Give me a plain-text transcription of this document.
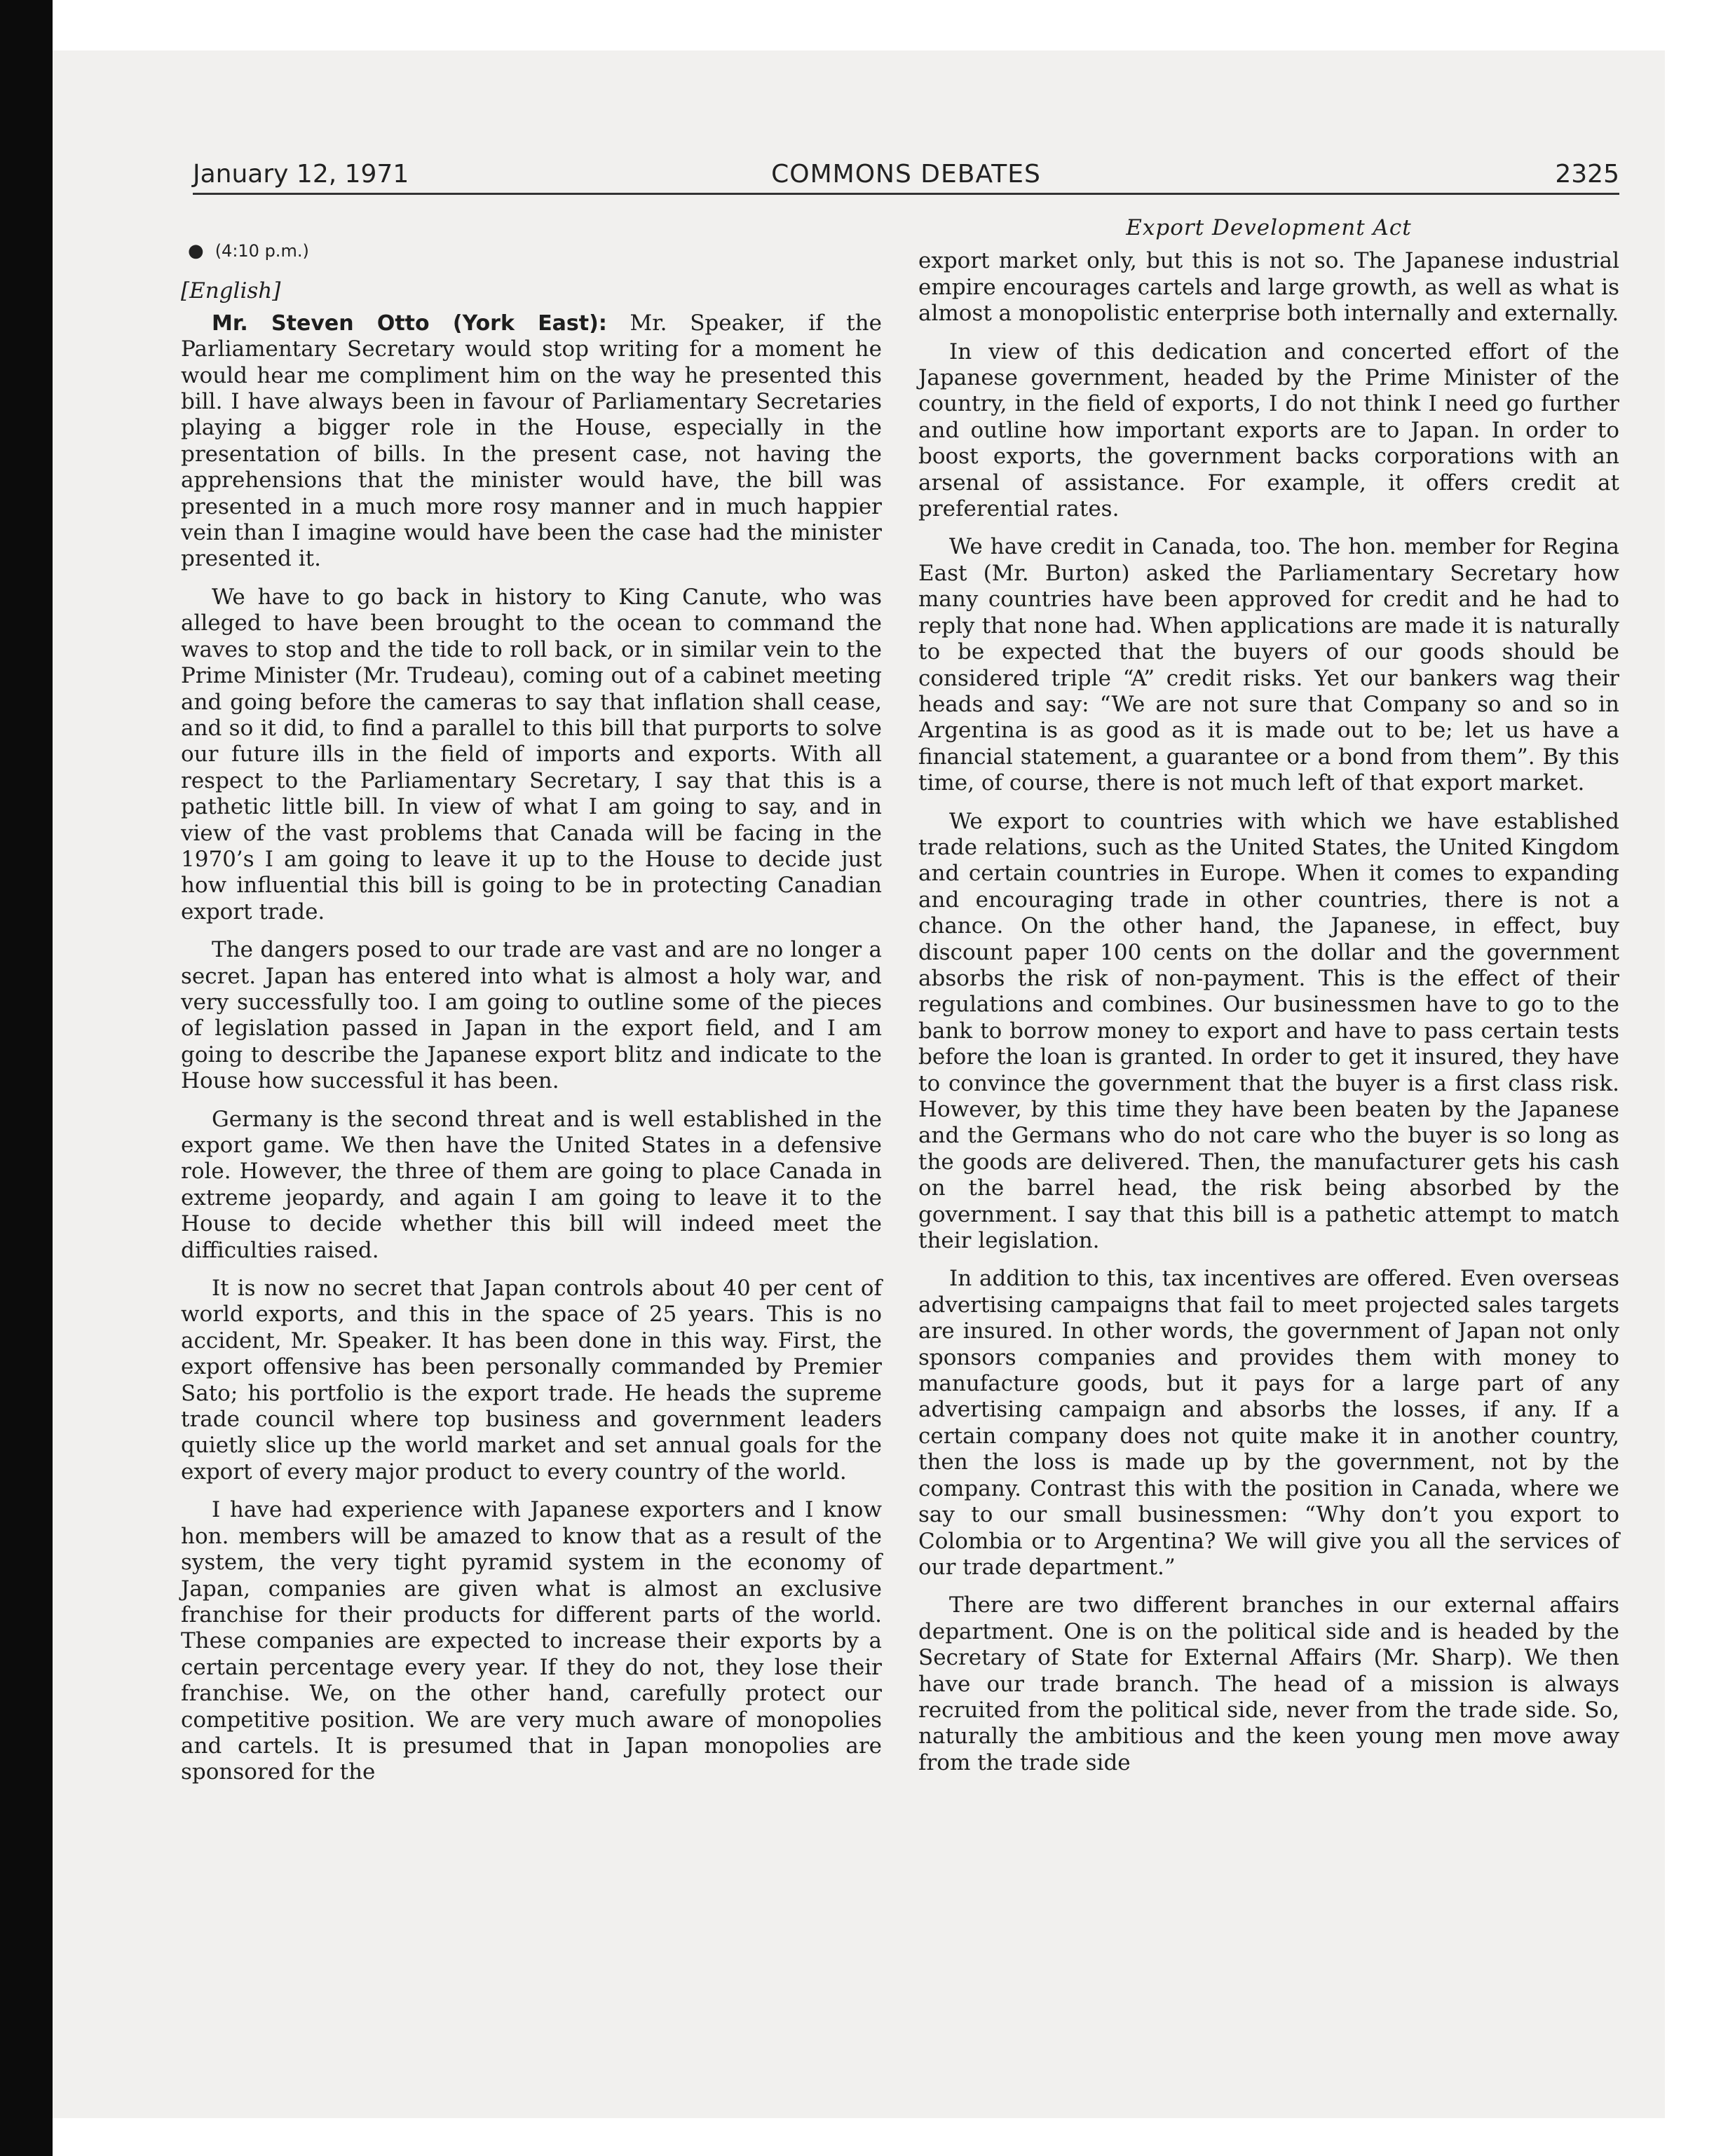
January 12, 1971	COMMONS DEBATES	2325
● (4:10 p.m.)
[English]

Mr. Steven Otto (York East): Mr. Speaker, if the Parliamentary Secretary would stop writing for a moment he would hear me compliment him on the way he presented this bill. I have always been in favour of Parliamentary Secretaries playing a bigger role in the House, especially in the presentation of bills. In the present case, not having the apprehensions that the minister would have, the bill was presented in a much more rosy manner and in much happier vein than I imagine would have been the case had the minister presented it.

We have to go back in history to King Canute, who was alleged to have been brought to the ocean to command the waves to stop and the tide to roll back, or in similar vein to the Prime Minister (Mr. Trudeau), coming out of a cabinet meeting and going before the cameras to say that inflation shall cease, and so it did, to find a parallel to this bill that purports to solve our future ills in the field of imports and exports. With all respect to the Parliamentary Secretary, I say that this is a pathetic little bill. In view of what I am going to say, and in view of the vast problems that Canada will be facing in the 1970’s I am going to leave it up to the House to decide just how influential this bill is going to be in protecting Canadian export trade.

The dangers posed to our trade are vast and are no longer a secret. Japan has entered into what is almost a holy war, and very successfully too. I am going to outline some of the pieces of legislation passed in Japan in the export field, and I am going to describe the Japanese export blitz and indicate to the House how successful it has been.

Germany is the second threat and is well established in the export game. We then have the United States in a defensive role. However, the three of them are going to place Canada in extreme jeopardy, and again I am going to leave it to the House to decide whether this bill will indeed meet the difficulties raised.

It is now no secret that Japan controls about 40 per cent of world exports, and this in the space of 25 years. This is no accident, Mr. Speaker. It has been done in this way. First, the export offensive has been personally commanded by Premier Sato; his portfolio is the export trade. He heads the supreme trade council where top business and government leaders quietly slice up the world market and set annual goals for the export of every major product to every country of the world.

I have had experience with Japanese exporters and I know hon. members will be amazed to know that as a result of the system, the very tight pyramid system in the economy of Japan, companies are given what is almost an exclusive franchise for their products for different parts of the world. These companies are expected to increase their exports by a certain percentage every year. If they do not, they lose their franchise. We, on the other hand, carefully protect our competitive position. We are very much aware of monopolies and cartels. It is presumed that in Japan monopolies are sponsored for the

Export Development Act

export market only, but this is not so. The Japanese industrial empire encourages cartels and large growth, as well as what is almost a monopolistic enterprise both internally and externally.

In view of this dedication and concerted effort of the Japanese government, headed by the Prime Minister of the country, in the field of exports, I do not think I need go further and outline how important exports are to Japan. In order to boost exports, the government backs corporations with an arsenal of assistance. For example, it offers credit at preferential rates.

We have credit in Canada, too. The hon. member for Regina East (Mr. Burton) asked the Parliamentary Secretary how many countries have been approved for credit and he had to reply that none had. When applications are made it is naturally to be expected that the buyers of our goods should be considered triple “A” credit risks. Yet our bankers wag their heads and say: “We are not sure that Company so and so in Argentina is as good as it is made out to be; let us have a financial statement, a guarantee or a bond from them”. By this time, of course, there is not much left of that export market.

We export to countries with which we have established trade relations, such as the United States, the United Kingdom and certain countries in Europe. When it comes to expanding and encouraging trade in other countries, there is not a chance. On the other hand, the Japanese, in effect, buy discount paper 100 cents on the dollar and the government absorbs the risk of non-payment. This is the effect of their regulations and combines. Our businessmen have to go to the bank to borrow money to export and have to pass certain tests before the loan is granted. In order to get it insured, they have to convince the government that the buyer is a first class risk. However, by this time they have been beaten by the Japanese and the Germans who do not care who the buyer is so long as the goods are delivered. Then, the manufacturer gets his cash on the barrel head, the risk being absorbed by the government. I say that this bill is a pathetic attempt to match their legislation.

In addition to this, tax incentives are offered. Even overseas advertising campaigns that fail to meet projected sales targets are insured. In other words, the government of Japan not only sponsors companies and provides them with money to manufacture goods, but it pays for a large part of any advertising campaign and absorbs the losses, if any. If a certain company does not quite make it in another country, then the loss is made up by the government, not by the company. Contrast this with the position in Canada, where we say to our small businessmen: “Why don’t you export to Colombia or to Argentina? We will give you all the services of our trade department.”

There are two different branches in our external affairs department. One is on the political side and is headed by the Secretary of State for External Affairs (Mr. Sharp). We then have our trade branch. The head of a mission is always recruited from the political side, never from the trade side. So, naturally the ambitious and the keen young men move away from the trade side
